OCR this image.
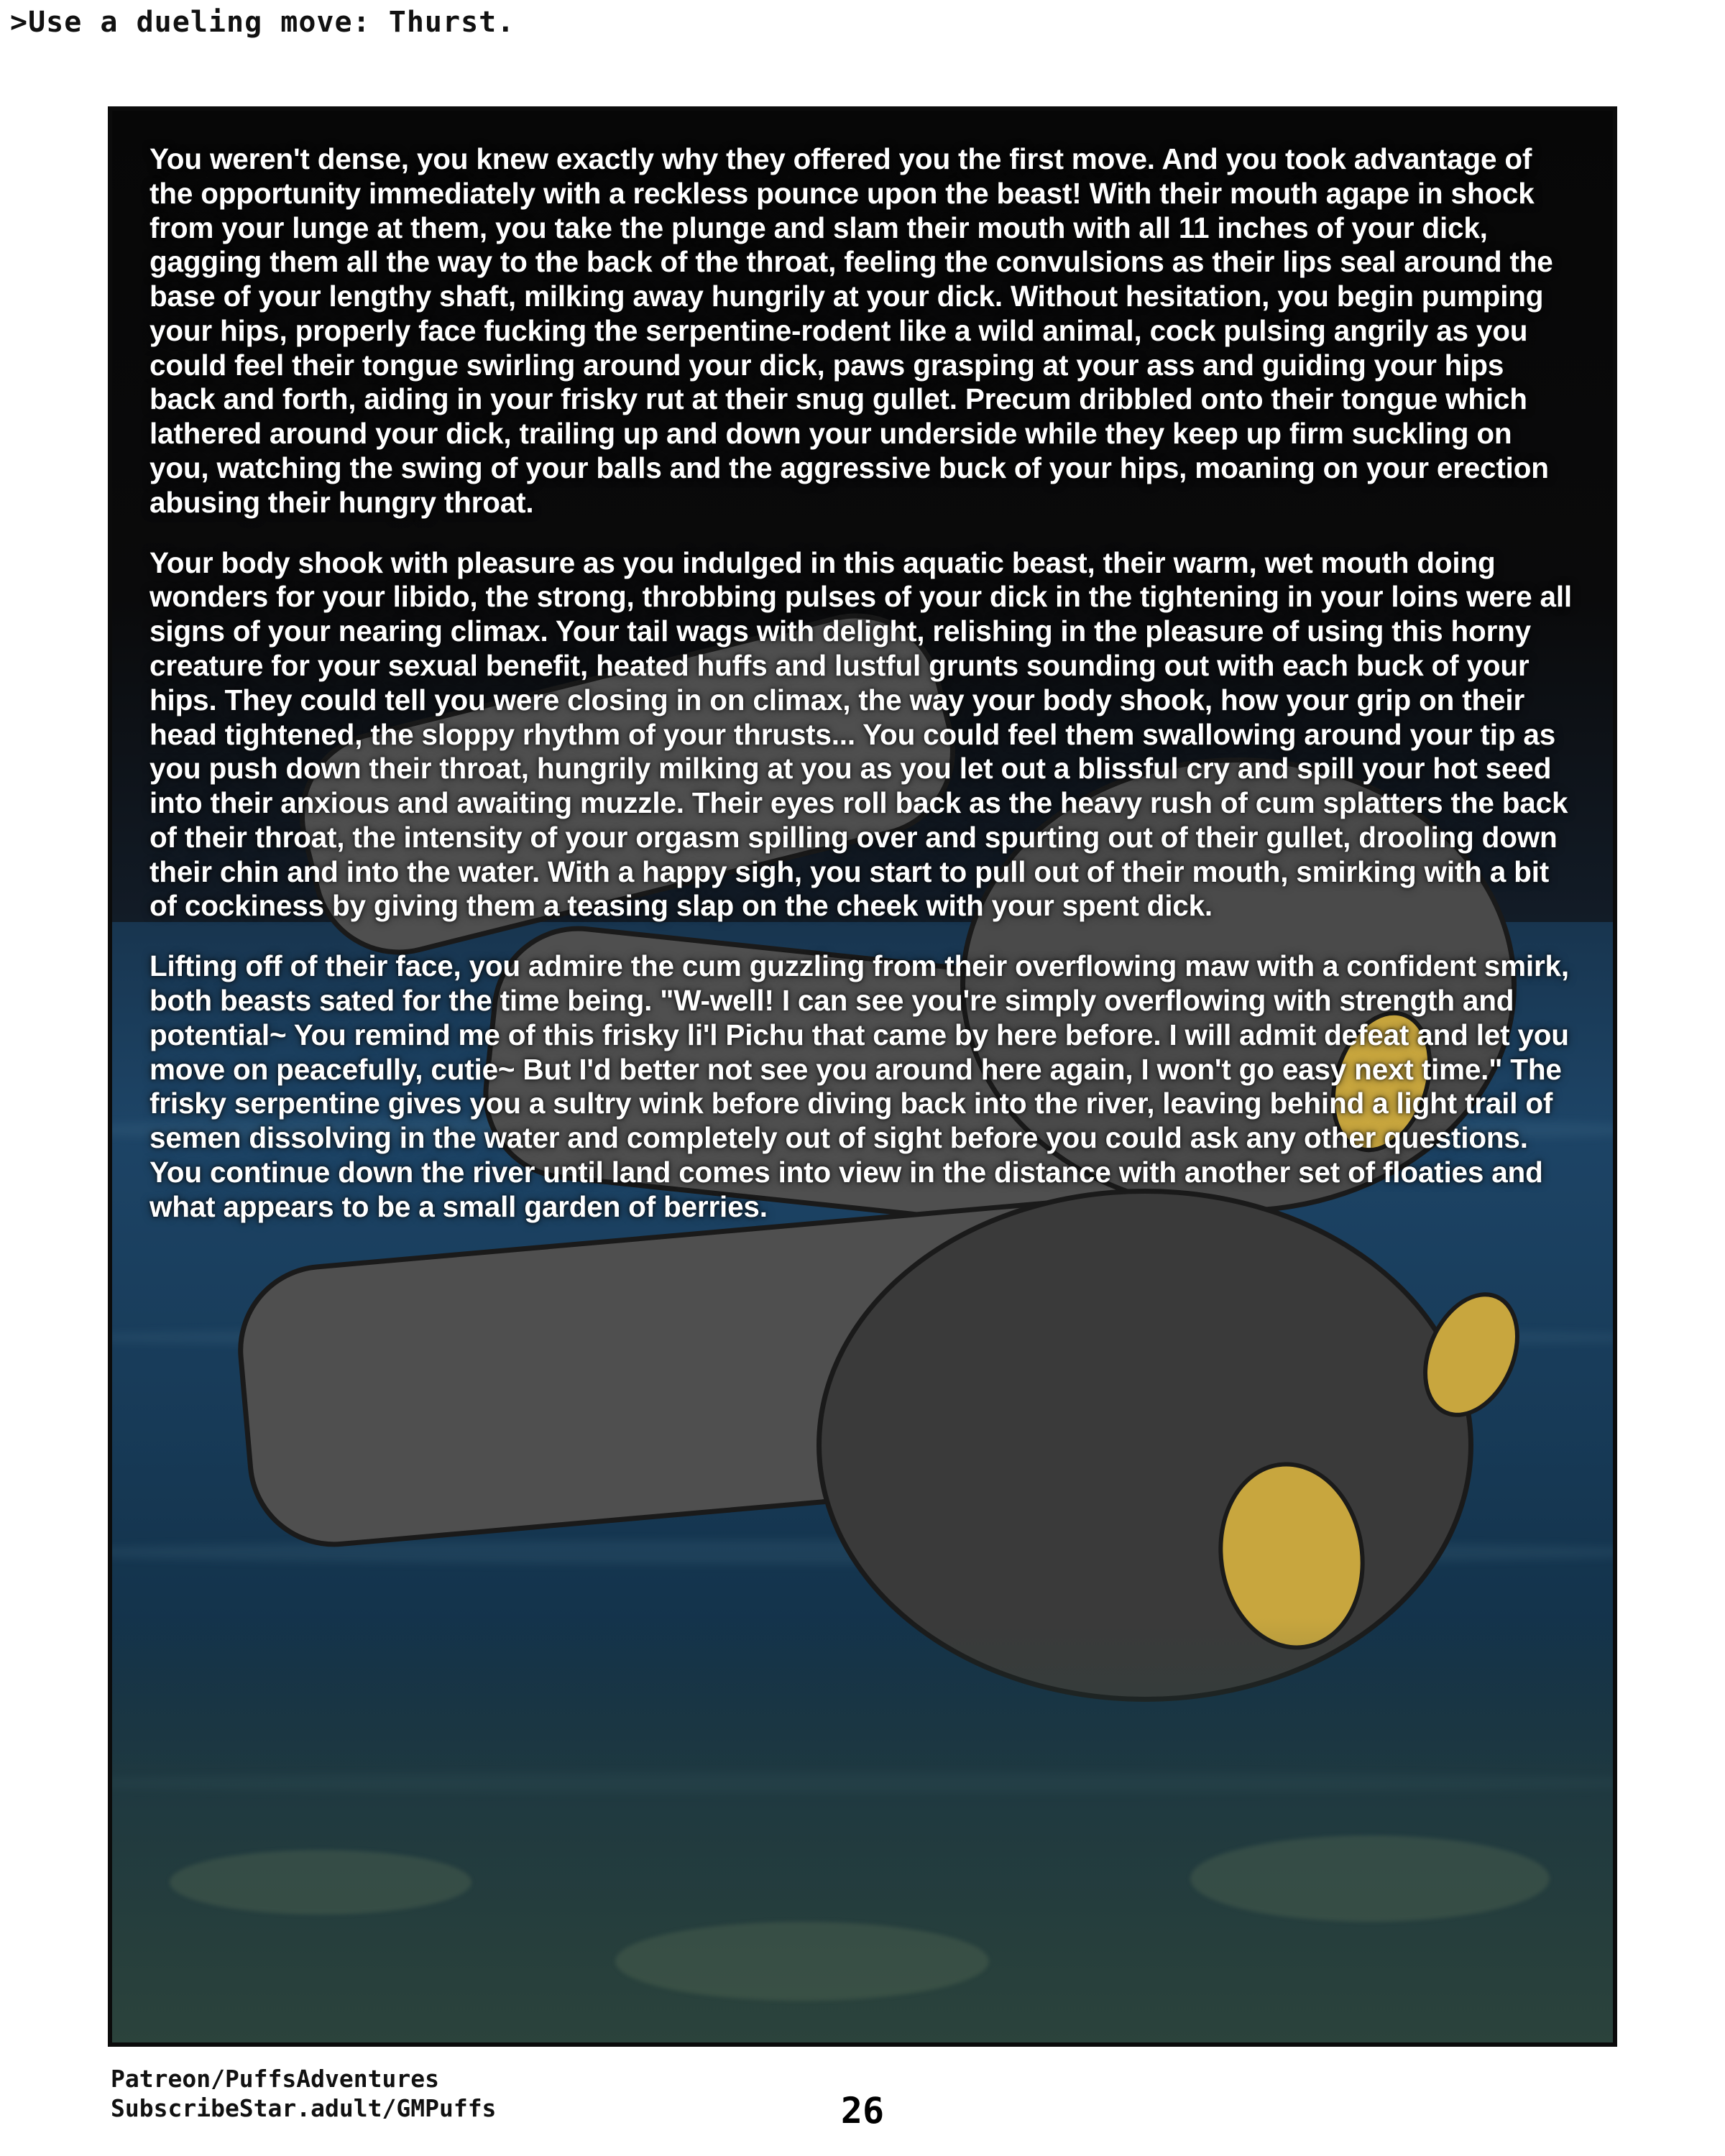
>Use a dueling move: Thurst.

You weren't dense, you knew exactly why they offered you the first move. And you took advantage of the opportunity immediately with a reckless pounce upon the beast! With their mouth agape in shock from your lunge at them, you take the plunge and slam their mouth with all 11 inches of your dick, gagging them all the way to the back of the throat, feeling the convulsions as their lips seal around the base of your lengthy shaft, milking away hungrily at your dick. Without hesitation, you begin pumping your hips, properly face fucking the serpentine-rodent like a wild animal, cock pulsing angrily as you could feel their tongue swirling around your dick, paws grasping at your ass and guiding your hips back and forth, aiding in your frisky rut at their snug gullet. Precum dribbled onto their tongue which lathered around your dick, trailing up and down your underside while they keep up firm suckling on you, watching the swing of your balls and the aggressive buck of your hips, moaning on your erection abusing their hungry throat.

Your body shook with pleasure as you indulged in this aquatic beast, their warm, wet mouth doing wonders for your libido, the strong, throbbing pulses of your dick in the tightening in your loins were all signs of your nearing climax. Your tail wags with delight, relishing in the pleasure of using this horny creature for your sexual benefit, heated huffs and lustful grunts sounding out with each buck of your hips. They could tell you were closing in on climax, the way your body shook, how your grip on their head tightened, the sloppy rhythm of your thrusts... You could feel them swallowing around your tip as you push down their throat, hungrily milking at you as you let out a blissful cry and spill your hot seed into their anxious and awaiting muzzle. Their eyes roll back as the heavy rush of cum splatters the back of their throat, the intensity of your orgasm spilling over and spurting out of their gullet, drooling down their chin and into the water. With a happy sigh, you start to pull out of their mouth, smirking with a bit of cockiness by giving them a teasing slap on the cheek with your spent dick.

Lifting off of their face, you admire the cum guzzling from their overflowing maw with a confident smirk, both beasts sated for the time being. "W-well! I can see you're simply overflowing with strength and potential~ You remind me of this frisky li'l Pichu that came by here before. I will admit defeat and let you move on peacefully, cutie~ But I'd better not see you around here again, I won't go easy next time." The frisky serpentine gives you a sultry wink before diving back into the river, leaving behind a light trail of semen dissolving in the water and completely out of sight before you could ask any other questions. You continue down the river until land comes into view in the distance with another set of floaties and what appears to be a small garden of berries.

Patreon/PuffsAdventures
SubscribeStar.adult/GMPuffs	26
